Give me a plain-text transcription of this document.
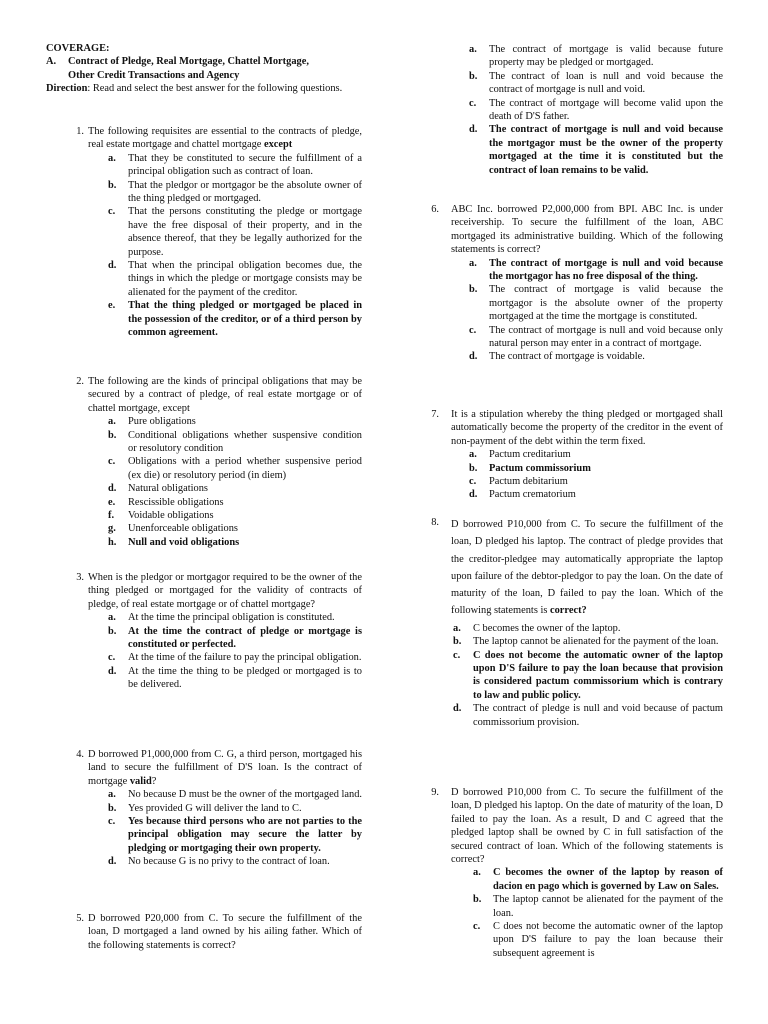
COVERAGE:

A. Contract of Pledge, Real Mortgage, Chattel Mortgage,
Other Credit Transactions and Agency

Direction: Read and select the best answer for the following questions.

1. The following requisites are essential to the contracts of pledge, real estate mortgage and chattel mortgage except

a. That they be constituted to secure the fulfillment of a principal obligation such as contract of loan.
b. That the pledgor or mortgagor be the absolute owner of the thing pledged or mortgaged.
c. That the persons constituting the pledge or mortgage have the free disposal of their property, and in the absence thereof, that they be legally authorized for the purpose.
d. That when the principal obligation becomes due, the things in which the pledge or mortgage consists may be alienated for the payment of the creditor.
e. That the thing pledged or mortgaged be placed in the possession of the creditor, or of a third person by common agreement.
2. The following are the kinds of principal obligations that may be secured by a contract of pledge, of real estate mortgage or of chattel mortgage, except

a. Pure obligations
b. Conditional obligations whether suspensive condition or resolutory condition
c. Obligations with a period whether suspensive period (ex die) or resolutory period (in diem)
d. Natural obligations
e. Rescissible obligations
f. Voidable obligations
g. Unenforceable obligations
h. Null and void obligations
3. When is the pledgor or mortgagor required to be the owner of the thing pledged or mortgaged for the validity of contracts of pledge, of real estate mortgage or of chattel mortgage?

a. At the time the principal obligation is constituted.
b. At the time the contract of pledge or mortgage is constituted or perfected.
c. At the time of the failure to pay the principal obligation.
d. At the time the thing to be pledged or mortgaged is to be delivered.
4. D borrowed P1,000,000 from C. G, a third person, mortgaged his land to secure the fulfillment of D'S loan. Is the contract of mortgage valid?

a. No because D must be the owner of the mortgaged land.
b. Yes provided G will deliver the land to C.
c. Yes because third persons who are not parties to the principal obligation may secure the latter by pledging or mortgaging their own property.
d. No because G is no privy to the contract of loan.
5. D borrowed P20,000 from C. To secure the fulfillment of the loan, D mortgaged a land owned by his ailing father. Which of the following statements is correct?

a. The contract of mortgage is valid because future property may be pledged or mortgaged.
b. The contract of loan is null and void because the contract of mortgage is null and void.
c. The contract of mortgage will become valid upon the death of D'S father.
d. The contract of mortgage is null and void because the mortgagor must be the owner of the property mortgaged at the time it is constituted but the contract of loan remains to be valid.
6. ABC Inc. borrowed P2,000,000 from BPI. ABC Inc. is under receivership. To secure the fulfillment of the loan, ABC mortgaged its administrative building. Which of the following statements is correct?

a. The contract of mortgage is null and void because the mortgagor has no free disposal of the thing.
b. The contract of mortgage is valid because the mortgagor is the absolute owner of the property mortgaged at the time the mortgage is constituted.
c. The contract of mortgage is null and void because only natural person may enter in a contract of mortgage.
d. The contract of mortgage is voidable.
7. It is a stipulation whereby the thing pledged or mortgaged shall automatically become the property of the creditor in the event of non-payment of the debt within the term fixed.

a. Pactum creditarium
b. Pactum commissorium
c. Pactum debitarium
d. Pactum crematorium
8. D borrowed P10,000 from C. To secure the fulfillment of the loan, D pledged his laptop. The contract of pledge provides that the creditor-pledgee may automatically appropriate the laptop upon failure of the debtor-pledgor to pay the loan. On the date of maturity of the loan, D failed to pay the loan. Which of the following statements is correct?

a. C becomes the owner of the laptop.
b. The laptop cannot be alienated for the payment of the loan.
c. C does not become the automatic owner of the laptop upon D'S failure to pay the loan because that provision is considered pactum commissorium which is contrary to law and public policy.
d. The contract of pledge is null and void because of pactum commissorium provision.
9. D borrowed P10,000 from C. To secure the fulfillment of the loan, D pledged his laptop. On the date of maturity of the loan, D failed to pay the loan. As a result, D and C agreed that the pledged laptop shall be owned by C in full satisfaction of the secured contract of loan. Which of the following statements is correct?

a. C becomes the owner of the laptop by reason of dacion en pago which is governed by Law on Sales.
b. The laptop cannot be alienated for the payment of the loan.
c. C does not become the automatic owner of the laptop upon D'S failure to pay the loan because their subsequent agreement is
